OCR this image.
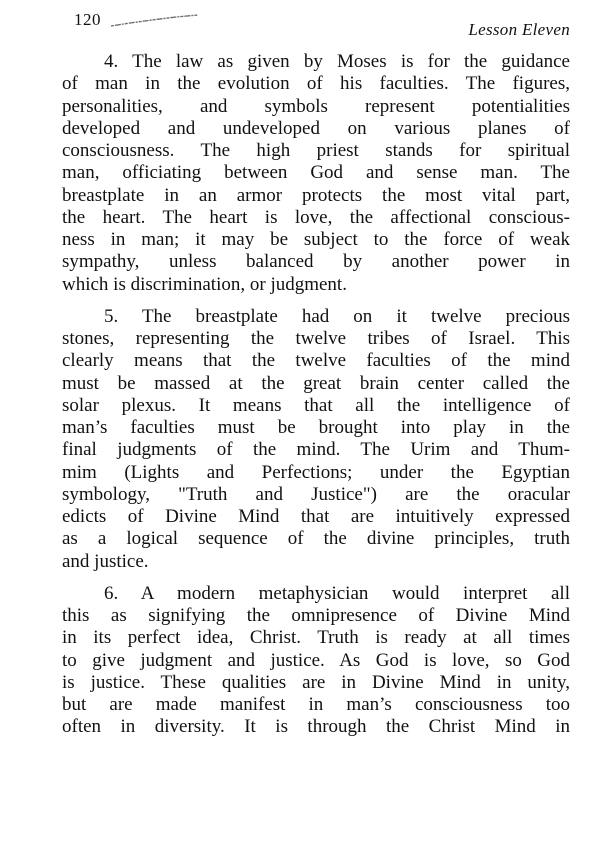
120
Lesson Eleven

4. The law as given by Moses is for the guidance
of man in the evolution of his faculties. The figures,
personalities, and symbols represent potentialities
developed and undeveloped on various planes of
consciousness. The high priest stands for spiritual
man, officiating between God and sense man. The
breastplate in an armor protects the most vital part,
the heart. The heart is love, the affectional conscious-
ness in man; it may be subject to the force of weak
sympathy, unless balanced by another power in
which is discrimination, or judgment.

5. The breastplate had on it twelve precious
stones, representing the twelve tribes of Israel. This
clearly means that the twelve faculties of the mind
must be massed at the great brain center called the
solar plexus. It means that all the intelligence of
man’s faculties must be brought into play in the
final judgments of the mind. The Urim and Thum-
mim (Lights and Perfections; under the Egyptian
symbology, "Truth and Justice") are the oracular
edicts of Divine Mind that are intuitively expressed
as a logical sequence of the divine principles, truth
and justice.

6. A modern metaphysician would interpret all
this as signifying the omnipresence of Divine Mind
in its perfect idea, Christ. Truth is ready at all times
to give judgment and justice. As God is love, so God
is justice. These qualities are in Divine Mind in unity,
but are made manifest in man’s consciousness too
often in diversity. It is through the Christ Mind in
